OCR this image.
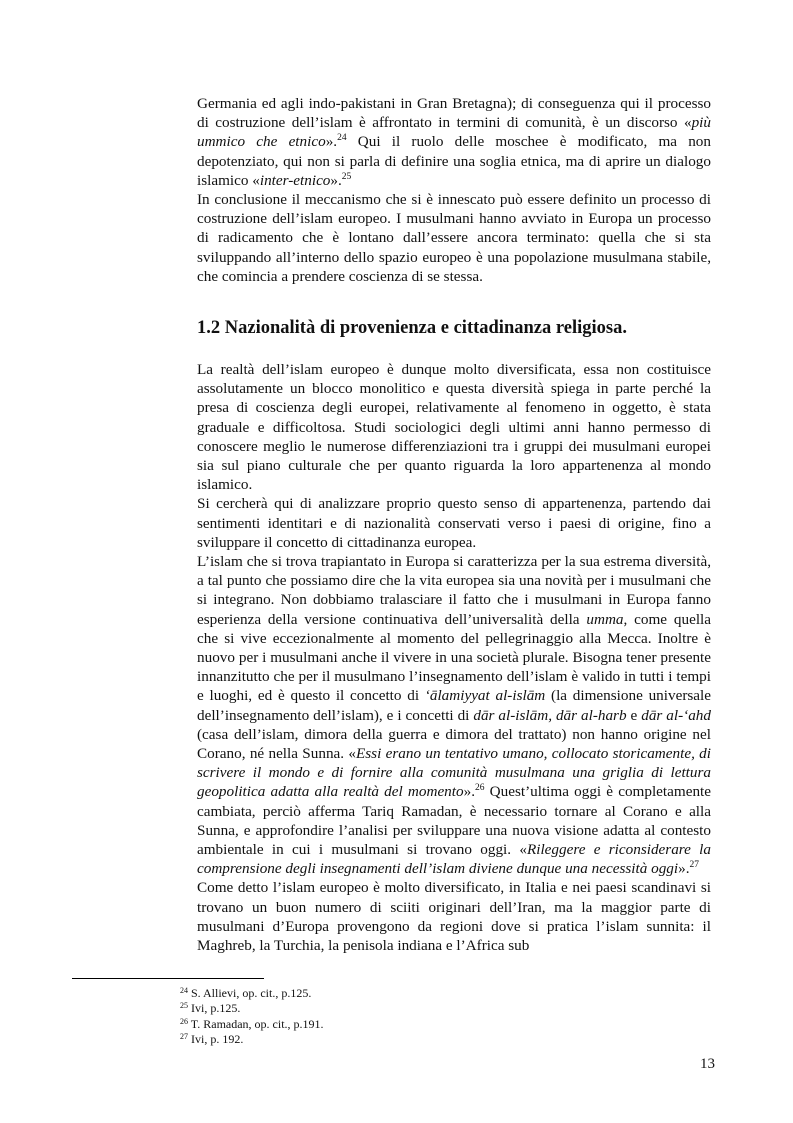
Germania ed agli indo-pakistani in Gran Bretagna); di conseguenza qui il processo di costruzione dell’islam è affrontato in termini di comunità, è un discorso «più ummico che etnico».$^{24}$ Qui il ruolo delle moschee è modificato, ma non depotenziato, qui non si parla di definire una soglia etnica, ma di aprire un dialogo islamico «inter-etnico».$^{25}$

In conclusione il meccanismo che si è innescato può essere definito un processo di costruzione dell’islam europeo. I musulmani hanno avviato in Europa un processo di radicamento che è lontano dall’essere ancora terminato: quella che si sta sviluppando all’interno dello spazio europeo è una popolazione musulmana stabile, che comincia a prendere coscienza di se stessa.

1.2 Nazionalità di provenienza e cittadinanza religiosa.

La realtà dell’islam europeo è dunque molto diversificata, essa non costituisce assolutamente un blocco monolitico e questa diversità spiega in parte perché la presa di coscienza degli europei, relativamente al fenomeno in oggetto, è stata graduale e difficoltosa. Studi sociologici degli ultimi anni hanno permesso di conoscere meglio le numerose differenziazioni tra i gruppi dei musulmani europei sia sul piano culturale che per quanto riguarda la loro appartenenza al mondo islamico.

Si cercherà qui di analizzare proprio questo senso di appartenenza, partendo dai sentimenti identitari e di nazionalità conservati verso i paesi di origine, fino a sviluppare il concetto di cittadinanza europea.

L’islam che si trova trapiantato in Europa si caratterizza per la sua estrema diversità, a tal punto che possiamo dire che la vita europea sia una novità per i musulmani che si integrano. Non dobbiamo tralasciare il fatto che i musulmani in Europa fanno esperienza della versione continuativa dell’universalità della umma, come quella che si vive eccezionalmente al momento del pellegrinaggio alla Mecca. Inoltre è nuovo per i musulmani anche il vivere in una società plurale. Bisogna tener presente innanzitutto che per il musulmano l’insegnamento dell’islam è valido in tutti i tempi e luoghi, ed è questo il concetto di ‘ālamiyyat al-islām (la dimensione universale dell’insegnamento dell’islam), e i concetti di dār al-islām, dār al-harb e dār al-‘ahd (casa dell’islam, dimora della guerra e dimora del trattato) non hanno origine nel Corano, né nella Sunna. «Essi erano un tentativo umano, collocato storicamente, di scrivere il mondo e di fornire alla comunità musulmana una griglia di lettura geopolitica adatta alla realtà del momento».$^{26}$ Quest’ultima oggi è completamente cambiata, perciò afferma Tariq Ramadan, è necessario tornare al Corano e alla Sunna, e approfondire l’analisi per sviluppare una nuova visione adatta al contesto ambientale in cui i musulmani si trovano oggi. «Rileggere e riconsiderare la comprensione degli insegnamenti dell’islam diviene dunque una necessità oggi».$^{27}$

Come detto l’islam europeo è molto diversificato, in Italia e nei paesi scandinavi si trovano un buon numero di sciiti originari dell’Iran, ma la maggior parte di musulmani d’Europa provengono da regioni dove si pratica l’islam sunnita: il Maghreb, la Turchia, la penisola indiana e l’Africa sub

$^{24}$ S. Allievi, op. cit., p.125.
$^{25}$ Ivi, p.125.
$^{26}$ T. Ramadan, op. cit., p.191.
$^{27}$ Ivi, p. 192.
13
